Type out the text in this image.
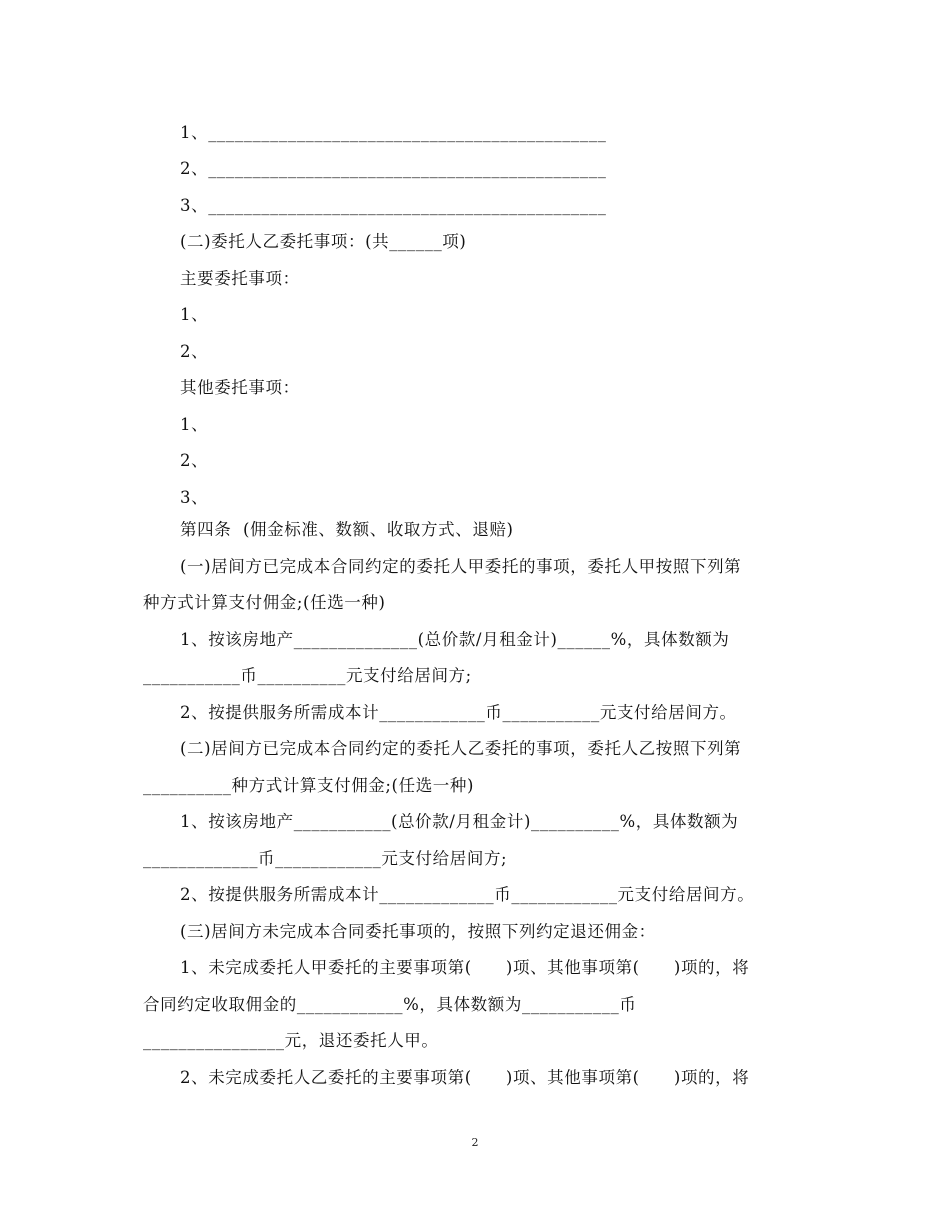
1、_____________________________________________
2、_____________________________________________
3、_____________________________________________
(二)委托人乙委托事项：(共______项)
主要委托事项：
1、
2、
其他委托事项：
1、
2、
3、
第四条  (佣金标准、数额、收取方式、退赔)
(一)居间方已完成本合同约定的委托人甲委托的事项，委托人甲按照下列第
种方式计算支付佣金;(任选一种)
1、按该房地产______________(总价款/月租金计)______%，具体数额为
___________币__________元支付给居间方;
2、按提供服务所需成本计____________币___________元支付给居间方。
(二)居间方已完成本合同约定的委托人乙委托的事项，委托人乙按照下列第
__________种方式计算支付佣金;(任选一种)
1、按该房地产___________(总价款/月租金计)__________%，具体数额为
_____________币____________元支付给居间方;
2、按提供服务所需成本计_____________币____________元支付给居间方。
(三)居间方未完成本合同委托事项的，按照下列约定退还佣金：
1、未完成委托人甲委托的主要事项第(　　)项、其他事项第(　　)项的，将
合同约定收取佣金的____________%，具体数额为___________币
________________元，退还委托人甲。
2、未完成委托人乙委托的主要事项第(　　)项、其他事项第(　　)项的，将
2
